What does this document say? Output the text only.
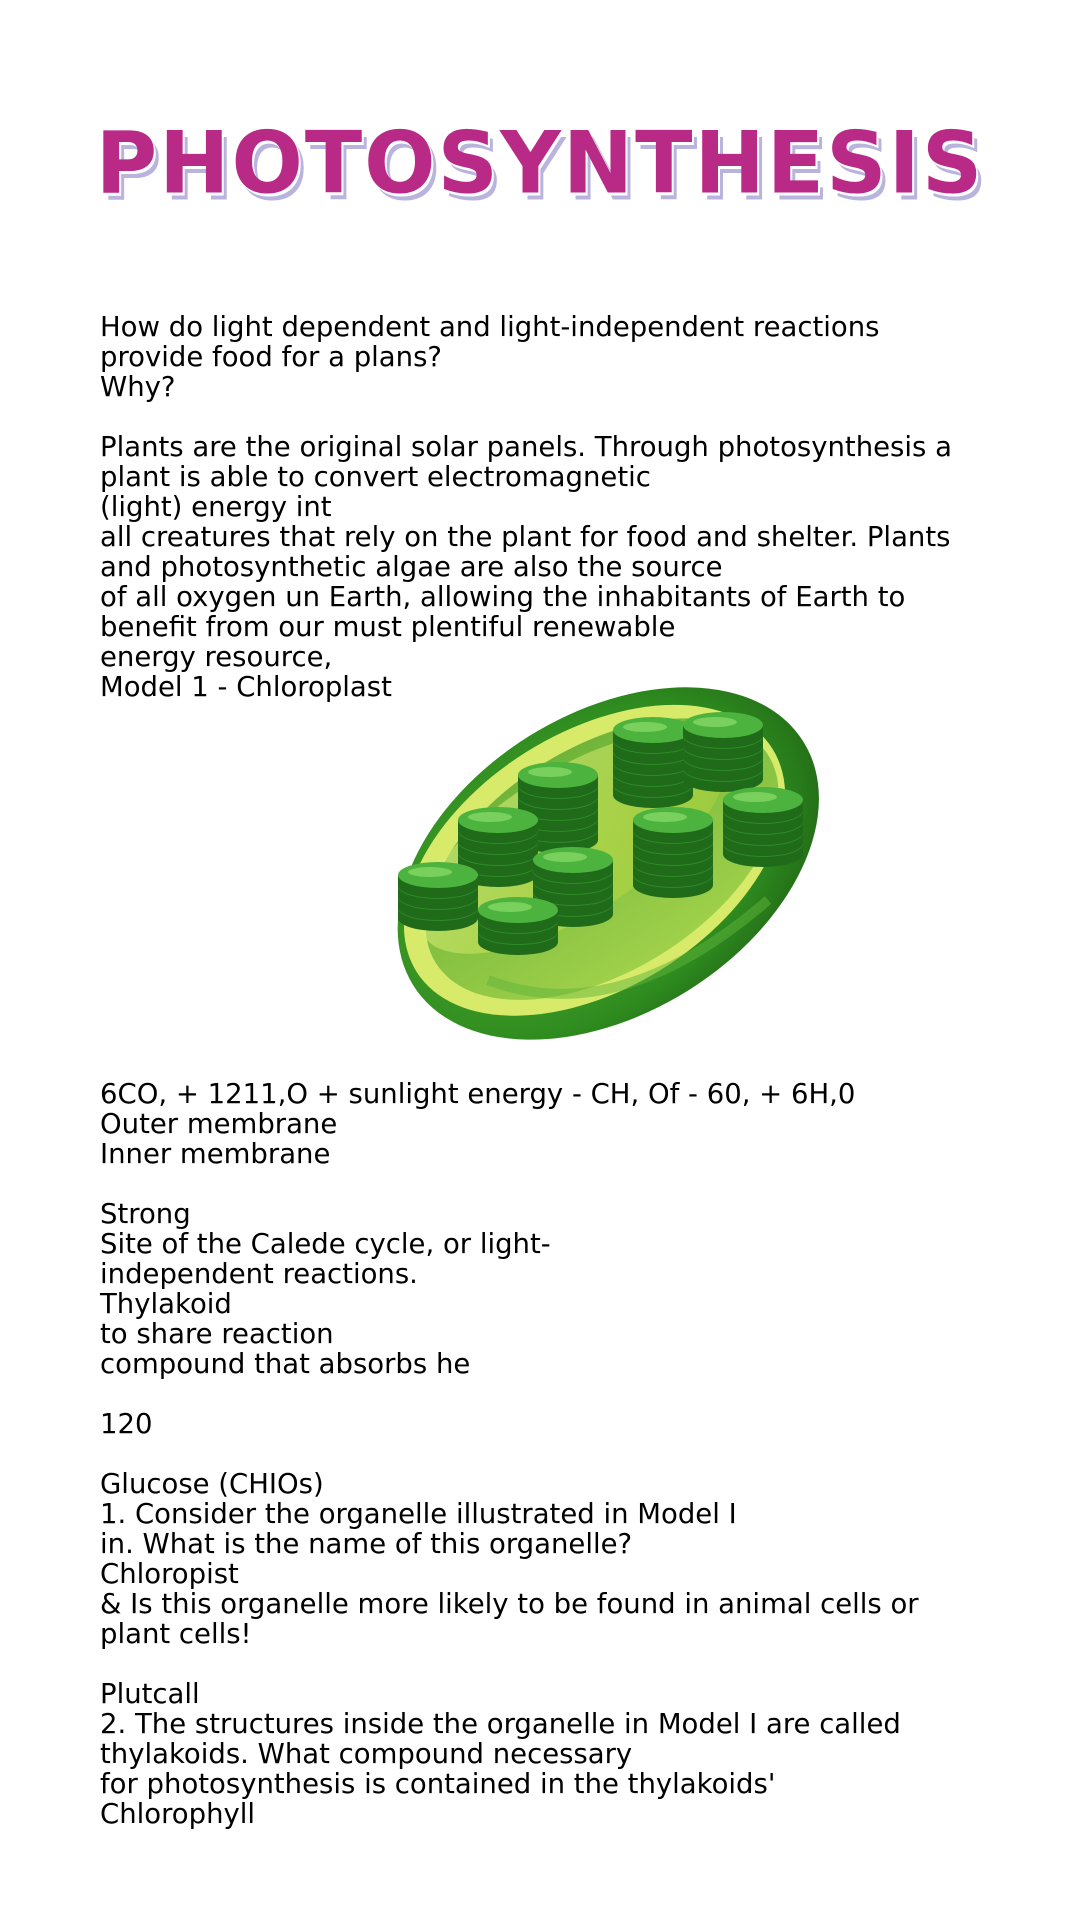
PHOTOSYNTHESIS
How do light dependent and light-independent reactions
provide food for a plans?
Why?
Plants are the original solar panels. Through photosynthesis a
plant is able to convert electromagnetic
(light) energy int
all creatures that rely on the plant for food and shelter. Plants
and photosynthetic algae are also the source
of all oxygen un Earth, allowing the inhabitants of Earth to
benefit from our must plentiful renewable
energy resource,
Model 1 - Chloroplast
6CO, + 1211,O + sunlight energy - CH, Of - 60, + 6H,0
Outer membrane
Inner membrane
Strong
Site of the Calede cycle, or light-
independent reactions.
Thylakoid
to share reaction
compound that absorbs he
120
Glucose (CHIOs)
1. Consider the organelle illustrated in Model I
in. What is the name of this organelle?
Chloropist
& Is this organelle more likely to be found in animal cells or
plant cells!
Plutcall
2. The structures inside the organelle in Model I are called
thylakoids. What compound necessary
for photosynthesis is contained in the thylakoids'
Chlorophyll
